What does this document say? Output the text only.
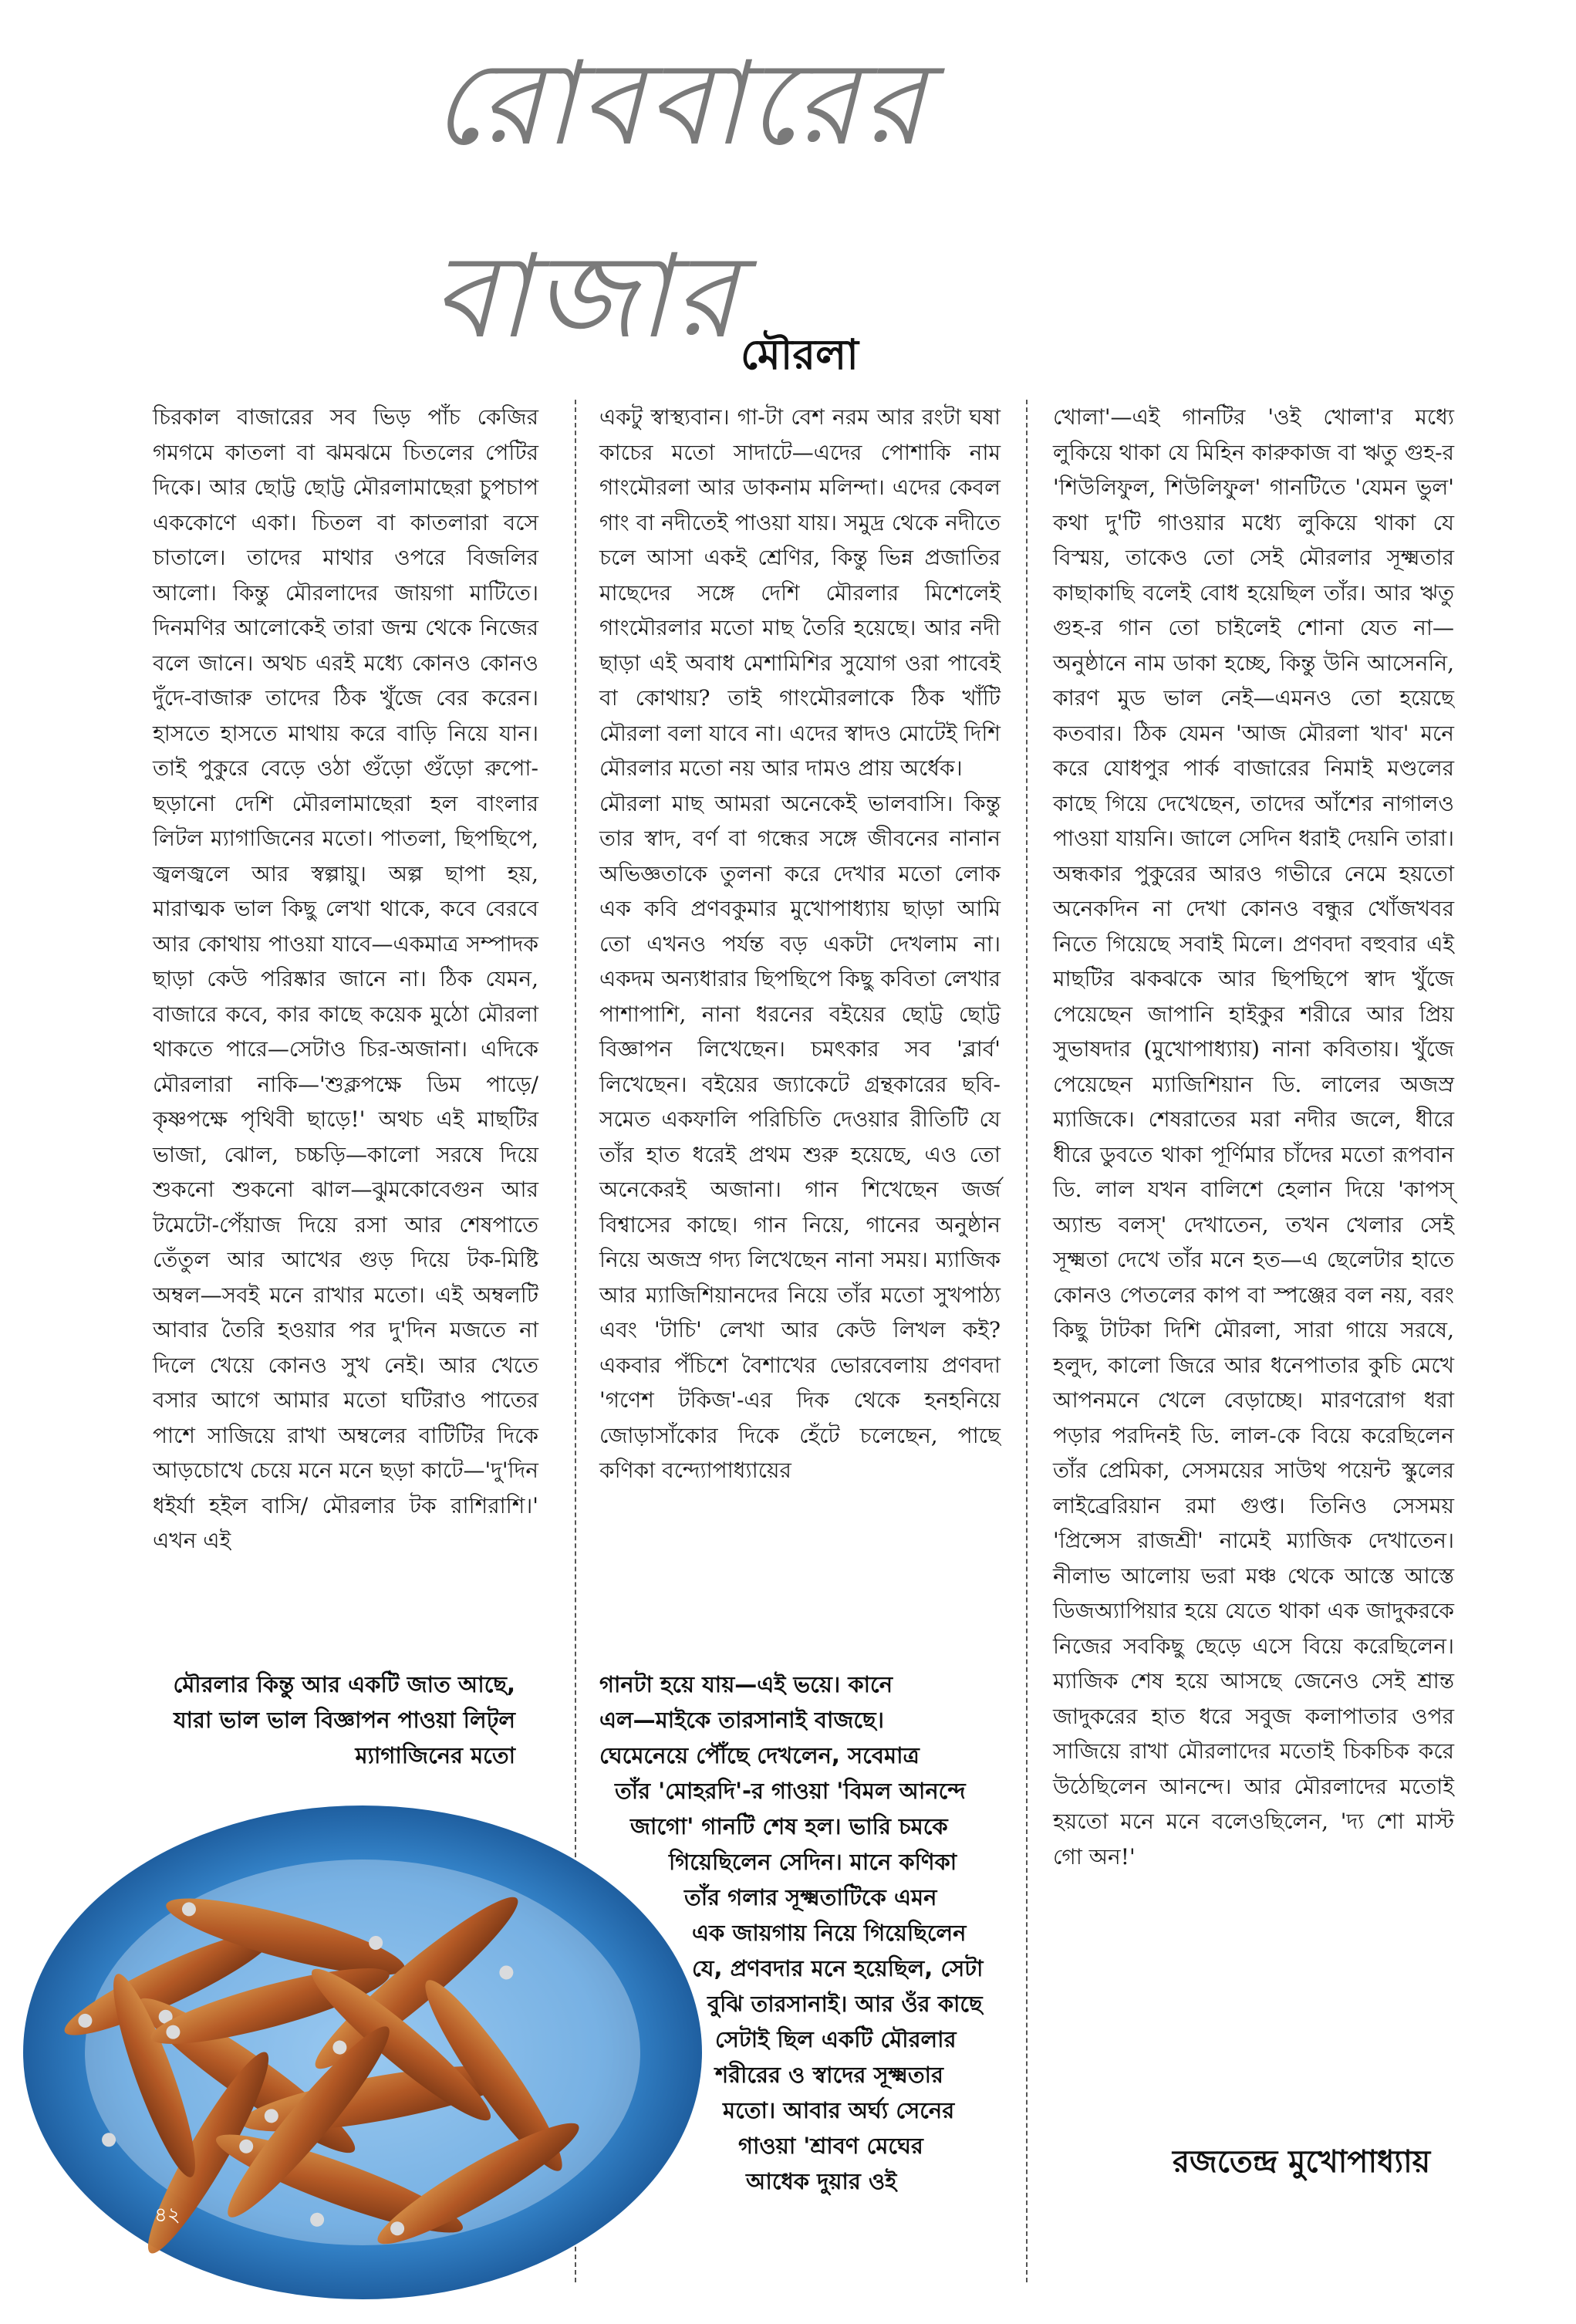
রোববারের বাজার মৌরলা

চিরকাল বাজারের সব ভিড় পাঁচ কেজির গমগমে কাতলা বা ঝমঝমে চিতলের পেটির দিকে। আর ছোট্ট ছোট্ট মৌরলামাছেরা চুপচাপ এককোণে একা। চিতল বা কাতলারা বসে চাতালে। তাদের মাথার ওপরে বিজলির আলো। কিন্তু মৌরলাদের জায়গা মাটিতে। দিনমণির আলোকেই তারা জন্ম থেকে নিজের বলে জানে। অথচ এরই মধ্যে কোনও কোনও দুঁদে-বাজারু তাদের ঠিক খুঁজে বের করেন। হাসতে হাসতে মাথায় করে বাড়ি নিয়ে যান। তাই পুকুরে বেড়ে ওঠা গুঁড়ো গুঁড়ো রুপো-ছড়ানো দেশি মৌরলামাছেরা হল বাংলার লিটল ম্যাগাজিনের মতো। পাতলা, ছিপছিপে, জ্বলজ্বলে আর স্বল্পায়ু। অল্প ছাপা হয়, মারাত্মক ভাল কিছু লেখা থাকে, কবে বেরবে আর কোথায় পাওয়া যাবে—একমাত্র সম্পাদক ছাড়া কেউ পরিষ্কার জানে না। ঠিক যেমন, বাজারে কবে, কার কাছে কয়েক মুঠো মৌরলা থাকতে পারে—সেটাও চির-অজানা। এদিকে মৌরলারা নাকি—'শুক্লপক্ষে ডিম পাড়ে/কৃষ্ণপক্ষে পৃথিবী ছাড়ে!' অথচ এই মাছটির ভাজা, ঝোল, চচ্চড়ি—কালো সরষে দিয়ে শুকনো শুকনো ঝাল—ঝুমকোবেগুন আর টমেটো-পেঁয়াজ দিয়ে রসা আর শেষপাতে তেঁতুল আর আখের গুড় দিয়ে টক-মিষ্টি অম্বল—সবই মনে রাখার মতো। এই অম্বলটি আবার তৈরি হওয়ার পর দু'দিন মজতে না দিলে খেয়ে কোনও সুখ নেই। আর খেতে বসার আগে আমার মতো ঘটিরাও পাতের পাশে সাজিয়ে রাখা অম্বলের বাটিটির দিকে আড়চোখে চেয়ে মনে মনে ছড়া কাটে—'দু'দিন ধইর্যা হইল বাসি/ মৌরলার টক রাশিরাশি।' এখন এই

একটু স্বাস্থ্যবান। গা-টা বেশ নরম আর রংটা ঘষা কাচের মতো সাদাটে—এদের পোশাকি নাম গাংমৌরলা আর ডাকনাম মলিন্দা। এদের কেবল গাং বা নদীতেই পাওয়া যায়। সমুদ্র থেকে নদীতে চলে আসা একই শ্রেণির, কিন্তু ভিন্ন প্রজাতির মাছেদের সঙ্গে দেশি মৌরলার মিশেলেই গাংমৌরলার মতো মাছ তৈরি হয়েছে। আর নদী ছাড়া এই অবাধ মেশামিশির সুযোগ ওরা পাবেই বা কোথায়? তাই গাংমৌরলাকে ঠিক খাঁটি মৌরলা বলা যাবে না। এদের স্বাদও মোটেই দিশি মৌরলার মতো নয় আর দামও প্রায় অর্ধেক।
মৌরলা মাছ আমরা অনেকেই ভালবাসি। কিন্তু তার স্বাদ, বর্ণ বা গন্ধের সঙ্গে জীবনের নানান অভিজ্ঞতাকে তুলনা করে দেখার মতো লোক এক কবি প্রণবকুমার মুখোপাধ্যায় ছাড়া আমি তো এখনও পর্যন্ত বড় একটা দেখলাম না। একদম অন্যধারার ছিপছিপে কিছু কবিতা লেখার পাশাপাশি, নানা ধরনের বইয়ের ছোট্ট ছোট্ট বিজ্ঞাপন লিখেছেন। চমৎকার সব 'ব্লার্ব' লিখেছেন। বইয়ের জ্যাকেটে গ্রন্থকারের ছবি-সমেত একফালি পরিচিতি দেওয়ার রীতিটি যে তাঁর হাত ধরেই প্রথম শুরু হয়েছে, এও তো অনেকেরই অজানা। গান শিখেছেন জর্জ বিশ্বাসের কাছে। গান নিয়ে, গানের অনুষ্ঠান নিয়ে অজস্র গদ্য লিখেছেন নানা সময়। ম্যাজিক আর ম্যাজিশিয়ানদের নিয়ে তাঁর মতো সুখপাঠ্য এবং 'টাচি' লেখা আর কেউ লিখল কই? একবার পঁচিশে বৈশাখের ভোরবেলায় প্রণবদা 'গণেশ টকিজ'-এর দিক থেকে হনহনিয়ে জোড়াসাঁকোর দিকে হেঁটে চলেছেন, পাছে কণিকা বন্দ্যোপাধ্যায়ের

খোলা'—এই গানটির 'ওই খোলা'র মধ্যে লুকিয়ে থাকা যে মিহিন কারুকাজ বা ঋতু গুহ-র 'শিউলিফুল, শিউলিফুল' গানটিতে 'যেমন ভুল' কথা দু'টি গাওয়ার মধ্যে লুকিয়ে থাকা যে বিস্ময়, তাকেও তো সেই মৌরলার সূক্ষ্মতার কাছাকাছি বলেই বোধ হয়েছিল তাঁর। আর ঋতু গুহ-র গান তো চাইলেই শোনা যেত না—অনুষ্ঠানে নাম ডাকা হচ্ছে, কিন্তু উনি আসেননি, কারণ মুড ভাল নেই—এমনও তো হয়েছে কতবার। ঠিক যেমন 'আজ মৌরলা খাব' মনে করে যোধপুর পার্ক বাজারের নিমাই মণ্ডলের কাছে গিয়ে দেখেছেন, তাদের আঁশের নাগালও পাওয়া যায়নি। জালে সেদিন ধরাই দেয়নি তারা। অন্ধকার পুকুরের আরও গভীরে নেমে হয়তো অনেকদিন না দেখা কোনও বন্ধুর খোঁজখবর নিতে গিয়েছে সবাই মিলে। প্রণবদা বহুবার এই মাছটির ঝকঝকে আর ছিপছিপে স্বাদ খুঁজে পেয়েছেন জাপানি হাইকুর শরীরে আর প্রিয় সুভাষদার (মুখোপাধ্যায়) নানা কবিতায়। খুঁজে পেয়েছেন ম্যাজিশিয়ান ডি. লালের অজস্র ম্যাজিকে। শেষরাতের মরা নদীর জলে, ধীরে ধীরে ডুবতে থাকা পূর্ণিমার চাঁদের মতো রূপবান ডি. লাল যখন বালিশে হেলান দিয়ে 'কাপস্ অ্যান্ড বলস্' দেখাতেন, তখন খেলার সেই সূক্ষ্মতা দেখে তাঁর মনে হত—এ ছেলেটার হাতে কোনও পেতলের কাপ বা স্পঞ্জের বল নয়, বরং কিছু টাটকা দিশি মৌরলা, সারা গায়ে সরষে, হলুদ, কালো জিরে আর ধনেপাতার কুচি মেখে আপনমনে খেলে বেড়াচ্ছে। মারণরোগ ধরা পড়ার পরদিনই ডি. লাল-কে বিয়ে করেছিলেন তাঁর প্রেমিকা, সেসময়ের সাউথ পয়েন্ট স্কুলের লাইব্রেরিয়ান রমা গুপ্ত। তিনিও সেসময় 'প্রিন্সেস রাজশ্রী' নামেই ম্যাজিক দেখাতেন। নীলাভ আলোয় ভরা মঞ্চ থেকে আস্তে আস্তে ডিজঅ্যাপিয়ার হয়ে যেতে থাকা এক জাদুকরকে নিজের সবকিছু ছেড়ে এসে বিয়ে করেছিলেন। ম্যাজিক শেষ হয়ে আসছে জেনেও সেই শ্রান্ত জাদুকরের হাত ধরে সবুজ কলাপাতার ওপর সাজিয়ে রাখা মৌরলাদের মতোই চিকচিক করে উঠেছিলেন আনন্দে। আর মৌরলাদের মতোই হয়তো মনে মনে বলেওছিলেন, 'দ্য শো মাস্ট গো অন!'

মৌরলার কিন্তু আর একটি জাত আছে, যারা ভাল ভাল বিজ্ঞাপন পাওয়া লিট্ল ম্যাগাজিনের মতো
গানটা হয়ে যায়—এই ভয়ে। কানে
এল—মাইকে তারসানাই বাজছে।
ঘেমেনেয়ে পৌঁছে দেখলেন, সবেমাত্র
তাঁর 'মোহরদি'-র গাওয়া 'বিমল আনন্দে
জাগো' গানটি শেষ হল। ভারি চমকে
গিয়েছিলেন সেদিন। মানে কণিকা
তাঁর গলার সূক্ষ্মতাটিকে এমন
এক জায়গায় নিয়ে গিয়েছিলেন
যে, প্রণবদার মনে হয়েছিল, সেটা
বুঝি তারসানাই। আর ওঁর কাছে
সেটাই ছিল একটি মৌরলার
শরীরের ও স্বাদের সূক্ষ্মতার
মতো। আবার অর্ঘ্য সেনের
গাওয়া 'শ্রাবণ মেঘের
আধেক দুয়ার ওই
৪২
রজতেন্দ্র মুখোপাধ্যায়
